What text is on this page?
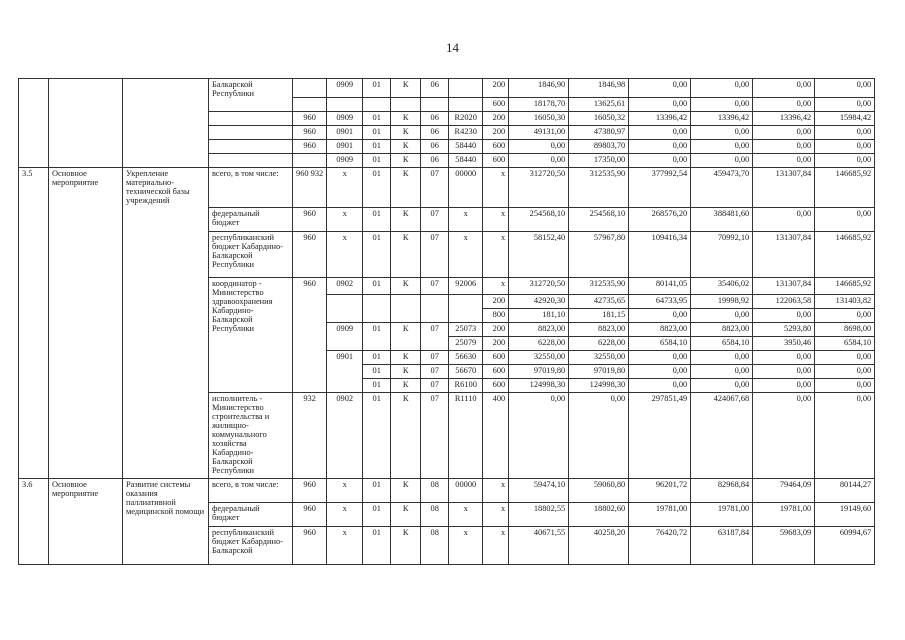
14
			Балкарской Республики		0909	01	К	06		200	1846,90	1846,98	0,00	0,00	0,00	0,00
										600	18178,70	13625,61	0,00	0,00	0,00	0,00
				960	0909	01	К	06	R2020	200	16050,30	16050,32	13396,42	13396,42	13396,42	15984,42
				960	0901	01	К	06	R4230	200	49131,00	47380,97	0,00	0,00	0,00	0,00
				960	0901	01	К	06	58440	600	0,00	89803,70	0,00	0,00	0,00	0,00
					0909	01	К	06	58440	600	0,00	17350,00	0,00	0,00	0,00	0,00
3.5	Основное мероприятие	Укрепление материально-технической базы учреждений	всего, в том числе:	960 932	x	01	К	07	00000	x	312720,50	312535,90	377992,54	459473,70	131307,84	146685,92
			федеральный бюджет	960	x	01	К	07	x	x	254568,10	254568,10	268576,20	388481,60	0,00	0,00
			республиканский бюджет Кабардино-Балкарской Республики	960	x	01	К	07	x	x	58152,40	57967,80	109416,34	70992,10	131307,84	146685,92
			координатор - Министерство здравоохранения Кабардино-Балкарской Республики	960	0902	01	К	07	92006	x	312720,50	312535,90	80141,05	35406,02	131307,84	146685,92
										200	42920,30	42735,65	64733,95	19998,92	122063,58	131403,82
										800	181,10	181,15	0,00	0,00	0,00	0,00
					0909	01	К	07	25073	200	8823,00	8823,00	8823,00	8823,00	5293,80	8698,00
									25079	200	6228,00	6228,00	6584,10	6584,10	3950,46	6584,10
					0901	01	К	07	56630	600	32550,00	32550,00	0,00	0,00	0,00	0,00
						01	К	07	56670	600	97019,80	97019,80	0,00	0,00	0,00	0,00
						01	К	07	R6100	600	124998,30	124998,30	0,00	0,00	0,00	0,00
			исполнитель - Министерство строительства и жилищно-коммунального хозяйства Кабардино-Балкарской Республики	932	0902	01	К	07	R1110	400	0,00	0,00	297851,49	424067,68	0,00	0,00
3.6	Основное мероприятие	Развитие системы оказания паллиативной медицинской помощи	всего, в том числе:	960	x	01	К	08	00000	x	59474,10	59060,80	96201,72	82968,84	79464,09	80144,27
			федеральный бюджет	960	x	01	К	08	x	x	18802,55	18802,60	19781,00	19781,00	19781,00	19149,60
			республиканский бюджет Кабардино-Балкарской	960	x	01	К	08	x	x	40671,55	40258,20	76420,72	63187,84	59683,09	60994,67
